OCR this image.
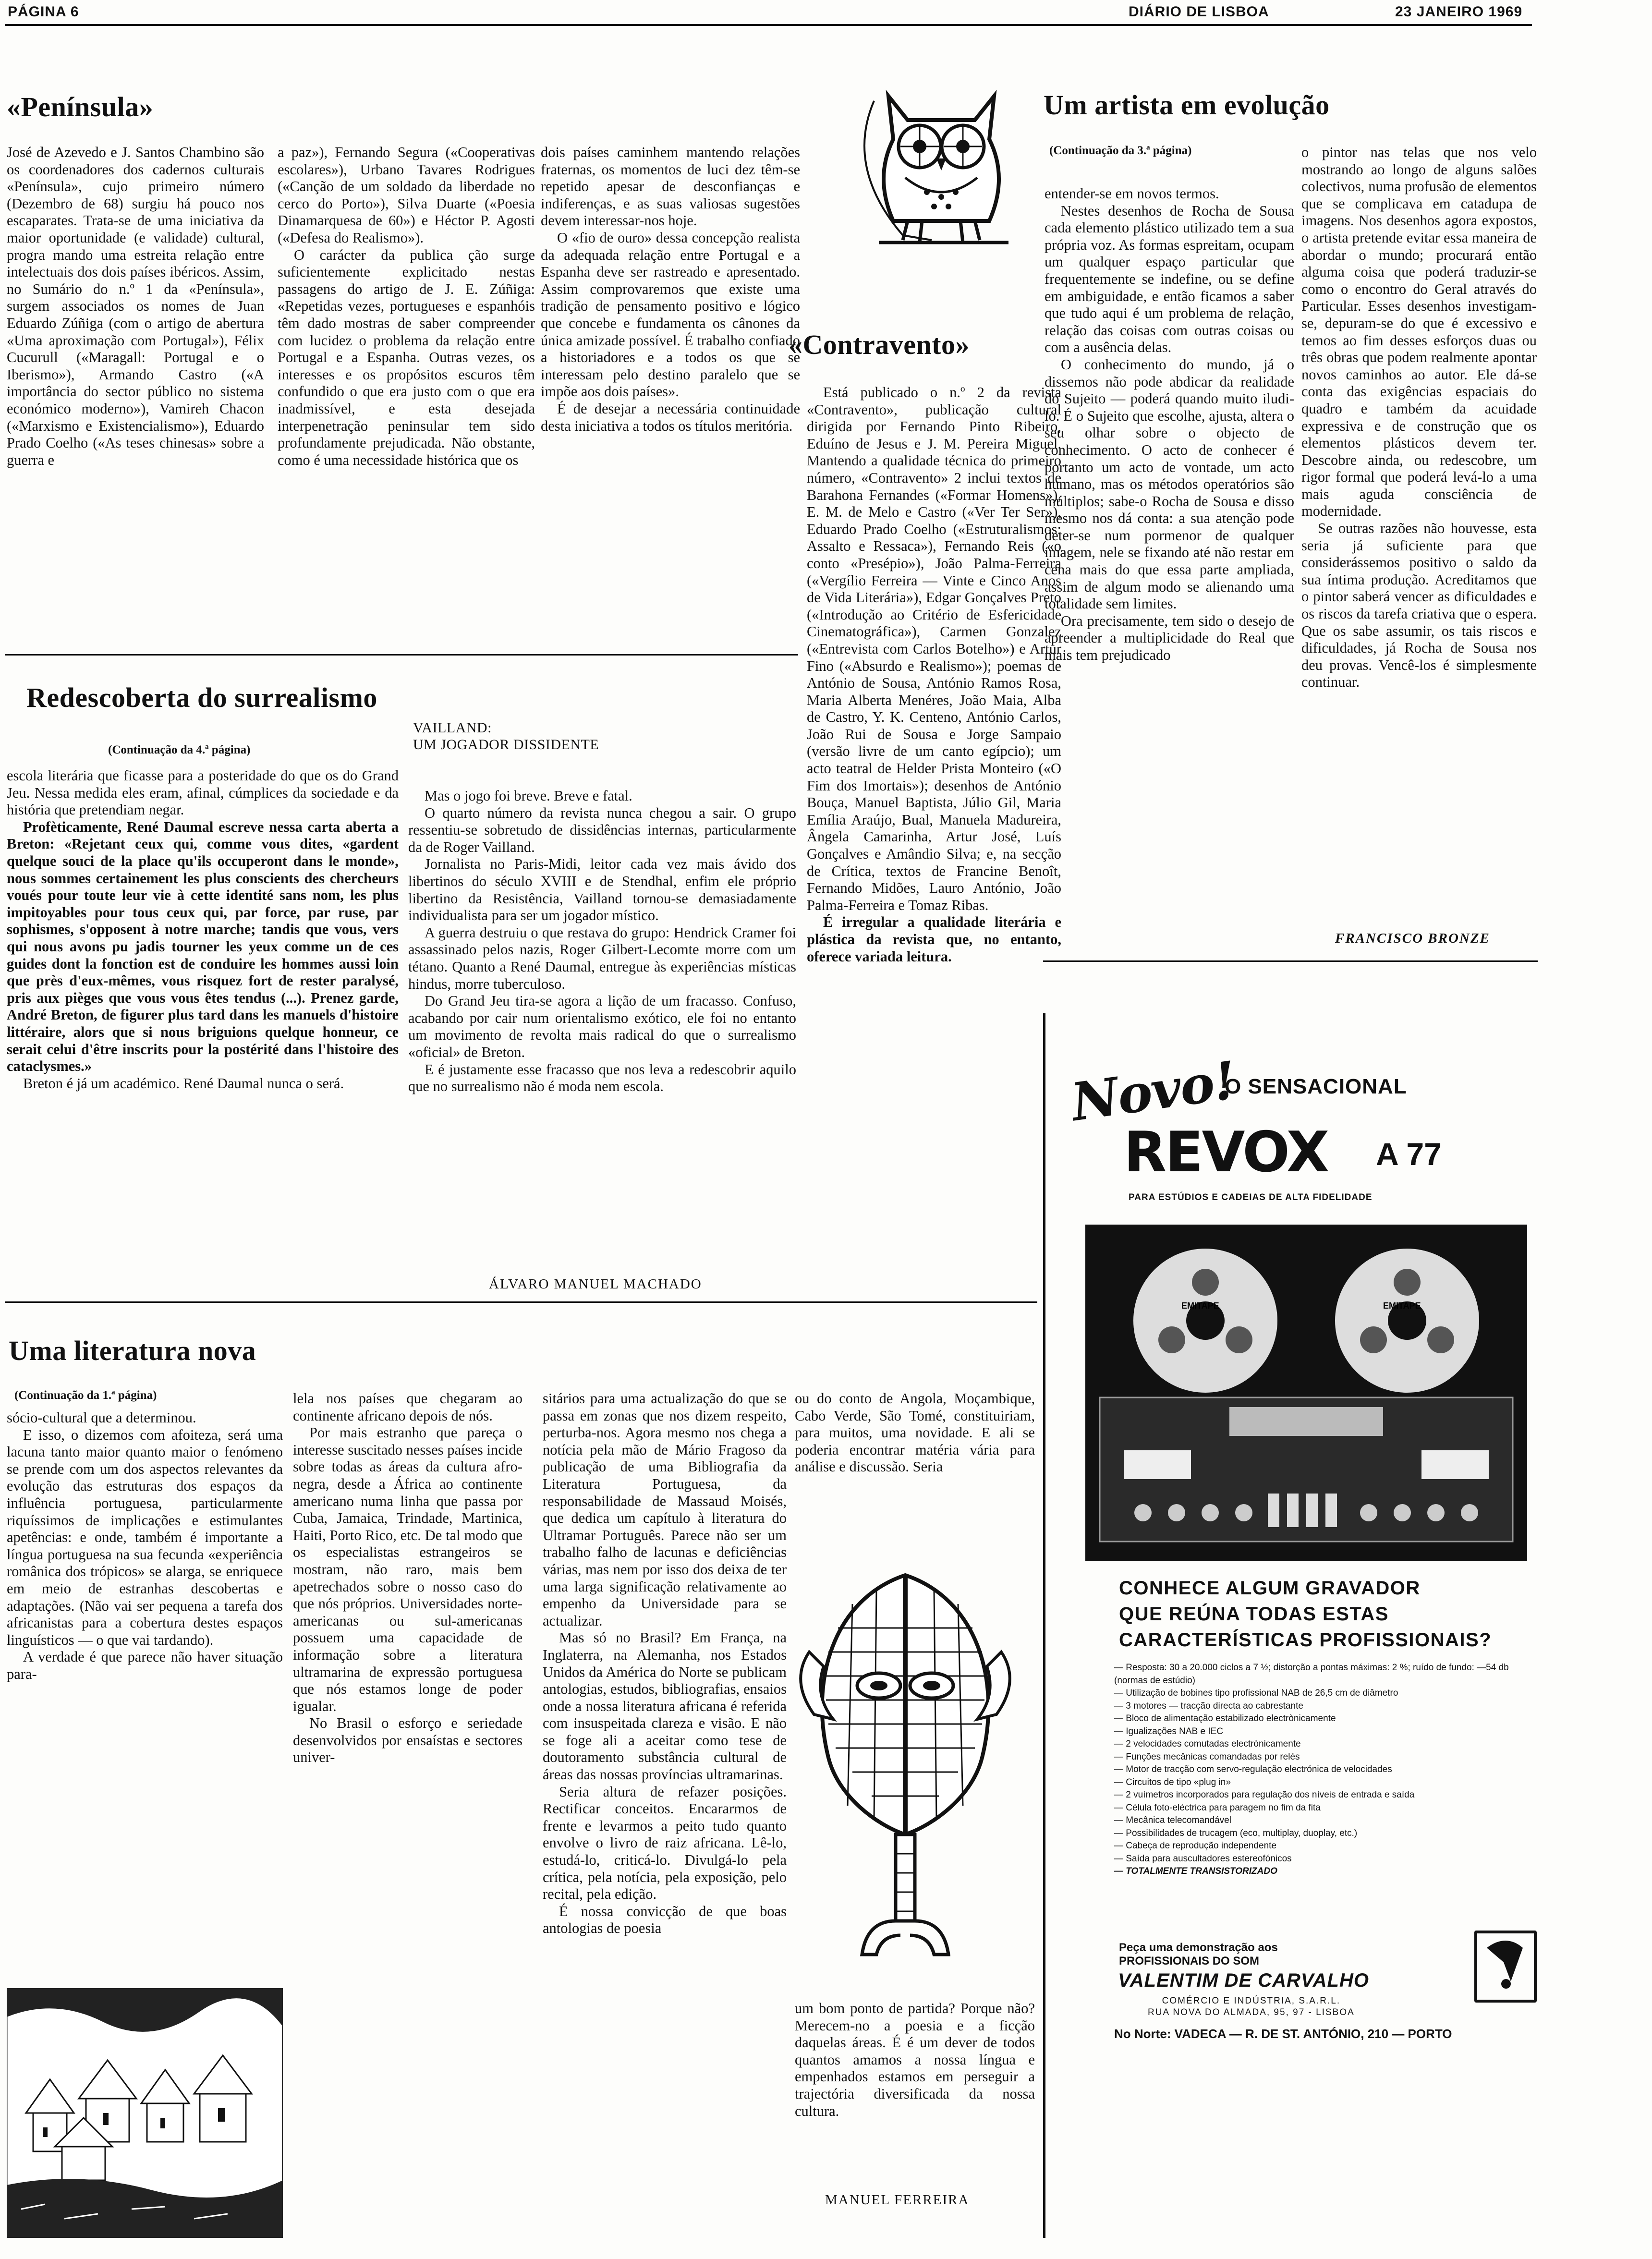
PÁGINA 6	DIÁRIO DE LISBOA	23 JANEIRO 1969
«Península»

José de Azevedo e J. Santos Chambino são os coordenadores dos cadernos culturais «Península», cujo primeiro número (Dezembro de 68) surgiu há pouco nos escaparates. Trata-se de uma iniciativa da maior oportunidade (e validade) cultural, progra mando uma estreita relação entre intelectuais dos dois países ibéricos. Assim, no Sumário do n.º 1 da «Península», surgem associados os nomes de Juan Eduardo Zúñiga (com o artigo de abertura «Uma aproximação com Portugal»), Félix Cucurull («Maragall: Portugal e o Iberismo»), Armando Castro («A importância do sector público no sistema económico moderno»), Vamireh Chacon («Marxismo e Existencialismo»), Eduardo Prado Coelho («As teses chinesas» sobre a guerra e

a paz»), Fernando Segura («Cooperativas escolares»), Urbano Tavares Rodrigues («Canção de um soldado da liberdade no cerco do Porto»), Silva Duarte («Poesia Dinamarquesa de 60») e Héctor P. Agosti («Defesa do Realismo»).

O carácter da publica ção surge suficientemente explicitado nestas passagens do artigo de J. E. Zúñiga: «Repetidas vezes, portugueses e espanhóis têm dado mostras de saber compreender com lucidez o problema da relação entre Portugal e a Espanha. Outras vezes, os interesses e os propósitos escuros têm confundido o que era justo com o que era inadmissível, e esta desejada interpenetração peninsular tem sido profundamente prejudicada. Não obstante, como é uma necessidade histórica que os

dois países caminhem mantendo relações fraternas, os momentos de luci dez têm-se repetido apesar de desconfianças e indiferenças, e as suas valiosas sugestões devem interessar-nos hoje.

O «fio de ouro» dessa concepção realista da adequada relação entre Portugal e a Espanha deve ser rastreado e apresentado. Assim comprovaremos que existe uma tradição de pensamento positivo e lógico que concebe e fundamenta os cânones da única amizade possível. É trabalho confiado a historiadores e a todos os que se interessam pelo destino paralelo que se impõe aos dois países».

É de desejar a necessária continuidade desta iniciativa a todos os títulos meritória.

«Contravento»

Está publicado o n.º 2 da revista «Contravento», publicação cultural dirigida por Fernando Pinto Ribeiro, Eduíno de Jesus e J. M. Pereira Miguel. Mantendo a qualidade técnica do primeiro número, «Contravento» 2 inclui textos de Barahona Fernandes («Formar Homens»), E. M. de Melo e Castro («Ver Ter Ser»), Eduardo Prado Coelho («Estruturalismos: Assalto e Ressaca»), Fernando Reis («o conto «Presépio»), João Palma-Ferreira («Vergílio Ferreira — Vinte e Cinco Anos de Vida Literária»), Edgar Gonçalves Preto («Introdução ao Critério de Esfericidade Cinematográfica»), Carmen Gonzalez («Entrevista com Carlos Botelho») e Artur Fino («Absurdo e Realismo»); poemas de António de Sousa, António Ramos Rosa, Maria Alberta Menéres, João Maia, Alba de Castro, Y. K. Centeno, António Carlos, João Rui de Sousa e Jorge Sampaio (versão livre de um canto egípcio); um acto teatral de Helder Prista Monteiro («O Fim dos Imortais»); desenhos de António Bouça, Manuel Baptista, Júlio Gil, Maria Emília Araújo, Bual, Manuela Madureira, Ângela Camarinha, Artur José, Luís Gonçalves e Amândio Silva; e, na secção de Crítica, textos de Francine Benoît, Fernando Midões, Lauro António, João Palma-Ferreira e Tomaz Ribas.

É irregular a qualidade literária e plástica da revista que, no entanto, oferece variada leitura.

Um artista em evolução
(Continuação da 3.ª página)

entender-se em novos termos.

Nestes desenhos de Rocha de Sousa cada elemento plástico utilizado tem a sua própria voz. As formas espreitam, ocupam um qualquer espaço particular que frequentemente se indefine, ou se define em ambiguidade, e então ficamos a saber que tudo aqui é um problema de relação, relação das coisas com outras coisas ou com a ausência delas.

O conhecimento do mundo, já o dissemos não pode abdicar da realidade do Sujeito — poderá quando muito iludi-lo. É o Sujeito que escolhe, ajusta, altera o seu olhar sobre o objecto de conhecimento. O acto de conhecer é portanto um acto de vontade, um acto humano, mas os métodos operatórios são múltiplos; sabe-o Rocha de Sousa e disso mesmo nos dá conta: a sua atenção pode deter-se num pormenor de qualquer imagem, nele se fixando até não restar em cena mais do que essa parte ampliada, assim de algum modo se alienando uma totalidade sem limites.

Ora precisamente, tem sido o desejo de apreender a multiplicidade do Real que mais tem prejudicado

o pintor nas telas que nos velo mostrando ao longo de alguns salões colectivos, numa profusão de elementos que se complicava em catadupa de imagens. Nos desenhos agora expostos, o artista pretende evitar essa maneira de abordar o mundo; procurará então alguma coisa que poderá traduzir-se como o encontro do Geral através do Particular. Esses desenhos investigam-se, depuram-se do que é excessivo e temos ao fim desses esforços duas ou três obras que podem realmente apontar novos caminhos ao autor. Ele dá-se conta das exigências espaciais do quadro e também da acuidade expressiva e de construção que os elementos plásticos devem ter. Descobre ainda, ou redescobre, um rigor formal que poderá levá-lo a uma mais aguda consciência de modernidade.

Se outras razões não houvesse, esta seria já suficiente para que considerássemos positivo o saldo da sua íntima produção. Acreditamos que o pintor saberá vencer as dificuldades e os riscos da tarefa criativa que o espera. Que os sabe assumir, os tais riscos e dificuldades, já Rocha de Sousa nos deu provas. Vencê-los é simplesmente continuar.

FRANCISCO BRONZE
Redescoberta do surrealismo
(Continuação da 4.ª página)

escola literária que ficasse para a posteridade do que os do Grand Jeu. Nessa medida eles eram, afinal, cúmplices da sociedade e da história que pretendiam negar.

Profèticamente, René Daumal escreve nessa carta aberta a Breton: «Rejetant ceux qui, comme vous dites, «gardent quelque souci de la place qu'ils occuperont dans le monde», nous sommes certainement les plus conscients des chercheurs voués pour toute leur vie à cette identité sans nom, les plus impitoyables pour tous ceux qui, par force, par ruse, par sophismes, s'opposent à notre marche; tandis que vous, vers qui nous avons pu jadis tourner les yeux comme un de ces guides dont la fonction est de conduire les hommes aussi loin que près d'eux-mêmes, vous risquez fort de rester paralysé, pris aux pièges que vous vous êtes tendus (...). Prenez garde, André Breton, de figurer plus tard dans les manuels d'histoire littéraire, alors que si nous briguions quelque honneur, ce serait celui d'être inscrits pour la postérité dans l'histoire des cataclysmes.»

Breton é já um académico. René Daumal nunca o será.

VAILLAND:
UM JOGADOR DISSIDENTE

Mas o jogo foi breve. Breve e fatal.

O quarto número da revista nunca chegou a sair. O grupo ressentiu-se sobretudo de dissidências internas, particularmente da de Roger Vailland.

Jornalista no Paris-Midi, leitor cada vez mais ávido dos libertinos do século XVIII e de Stendhal, enfim ele próprio libertino da Resistência, Vailland tornou-se demasiadamente individualista para ser um jogador místico.

A guerra destruiu o que restava do grupo: Hendrick Cramer foi assassinado pelos nazis, Roger Gilbert-Lecomte morre com um tétano. Quanto a René Daumal, entregue às experiências místicas hindus, morre tuberculoso.

Do Grand Jeu tira-se agora a lição de um fracasso. Confuso, acabando por cair num orientalismo exótico, ele foi no entanto um movimento de revolta mais radical do que o surrealismo «oficial» de Breton.

E é justamente esse fracasso que nos leva a redescobrir aquilo que no surrealismo não é moda nem escola.

ÁLVARO MANUEL MACHADO
Uma literatura nova
(Continuação da 1.ª página)

sócio-cultural que a determinou.

E isso, o dizemos com afoiteza, será uma lacuna tanto maior quanto maior o fenómeno se prende com um dos aspectos relevantes da evolução das estruturas dos espaços da influência portuguesa, particularmente riquíssimos de implicações e estimulantes apetências: e onde, também é importante a língua portuguesa na sua fecunda «experiência românica dos trópicos» se alarga, se enriquece em meio de estranhas descobertas e adaptações. (Não vai ser pequena a tarefa dos africanistas para a cobertura destes espaços linguísticos — o que vai tardando).

A verdade é que parece não haver situação para-

lela nos países que chegaram ao continente africano depois de nós.

Por mais estranho que pareça o interesse suscitado nesses países incide sobre todas as áreas da cultura afro-negra, desde a África ao continente americano numa linha que passa por Cuba, Jamaica, Trindade, Martinica, Haiti, Porto Rico, etc. De tal modo que os especialistas estrangeiros se mostram, não raro, mais bem apetrechados sobre o nosso caso do que nós próprios. Universidades norte-americanas ou sul-americanas possuem uma capacidade de informação sobre a literatura ultramarina de expressão portuguesa que nós estamos longe de poder igualar.

No Brasil o esforço e seriedade desenvolvidos por ensaístas e sectores univer-

sitários para uma actualização do que se passa em zonas que nos dizem respeito, perturba-nos. Agora mesmo nos chega a notícia pela mão de Mário Fragoso da publicação de uma Bibliografia da Literatura Portuguesa, da responsabilidade de Massaud Moisés, que dedica um capítulo à literatura do Ultramar Português. Parece não ser um trabalho falho de lacunas e deficiências várias, mas nem por isso dos deixa de ter uma larga significação relativamente ao empenho da Universidade para se actualizar.

Mas só no Brasil? Em França, na Inglaterra, na Alemanha, nos Estados Unidos da América do Norte se publicam antologias, estudos, bibliografias, ensaios onde a nossa literatura africana é referida com insuspeitada clareza e visão. E não se foge ali a aceitar como tese de doutoramento substância cultural de áreas das nossas províncias ultramarinas.

Seria altura de refazer posições. Rectificar conceitos. Encararmos de frente e levarmos a peito tudo quanto envolve o livro de raiz africana. Lê-lo, estudá-lo, criticá-lo. Divulgá-lo pela crítica, pela notícia, pela exposição, pelo recital, pela edição.

É nossa convicção de que boas antologias de poesia

ou do conto de Angola, Moçambique, Cabo Verde, São Tomé, constituiriam, para muitos, uma novidade. E ali se poderia encontrar matéria vária para análise e discussão. Seria

um bom ponto de partida? Porque não? Merecem-no a poesia e a ficção daquelas áreas. É é um dever de todos quantos amamos a nossa língua e empenhados estamos em perseguir a trajectória diversificada da nossa cultura.

MANUEL FERREIRA
Novo!
O SENSACIONAL
REVOX A 77
PARA ESTÚDIOS E CADEIAS DE ALTA FIDELIDADE
EMITAPE	EMITAPE
CONHECE ALGUM GRAVADOR
QUE REÚNA TODAS ESTAS
CARACTERÍSTICAS PROFISSIONAIS?
— Resposta: 30 a 20.000 ciclos a 7 ½; distorção a pontas máximas: 2 %; ruído de fundo: —54 db (normas de estúdio)
— Utilização de bobines tipo profissional NAB de 26,5 cm de diâmetro
— 3 motores — tracção directa ao cabrestante
— Bloco de alimentação estabilizado electrònicamente
— Igualizações NAB e IEC
— 2 velocidades comutadas electrònicamente
— Funções mecânicas comandadas por relés
— Motor de tracção com servo-regulação electrónica de velocidades
— Circuitos de tipo «plug in»
— 2 vuímetros incorporados para regulação dos níveis de entrada e saída
— Célula foto-eléctrica para paragem no fim da fita
— Mecânica telecomandável
— Possibilidades de trucagem (eco, multiplay, duoplay, etc.)
— Cabeça de reprodução independente
— Saída para auscultadores estereofónicos
— TOTALMENTE TRANSISTORIZADO
Peça uma demonstração aos
PROFISSIONAIS DO SOM
VALENTIM DE CARVALHO
COMÉRCIO E INDÚSTRIA, S.A.R.L.
RUA NOVA DO ALMADA, 95, 97 - LISBOA
No Norte: VADECA — R. DE ST. ANTÓNIO, 210 — PORTO
